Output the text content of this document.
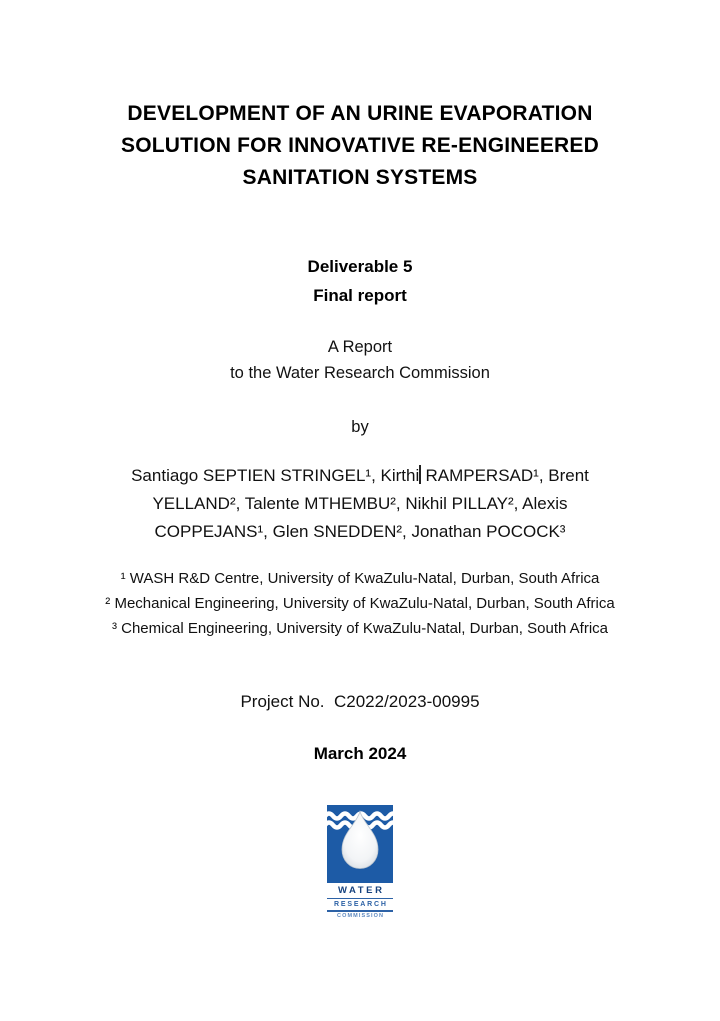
DEVELOPMENT OF AN URINE EVAPORATION
SOLUTION FOR INNOVATIVE RE-ENGINEERED
SANITATION SYSTEMS
Deliverable 5
Final report
A Report
to the Water Research Commission
by
Santiago SEPTIEN STRINGEL¹, Kirthi RAMPERSAD¹, Brent
YELLAND², Talente MTHEMBU², Nikhil PILLAY², Alexis
COPPEJANS¹, Glen SNEDDEN², Jonathan POCOCK³
¹ WASH R&D Centre, University of KwaZulu-Natal, Durban, South Africa
² Mechanical Engineering, University of KwaZulu-Natal, Durban, South Africa
³ Chemical Engineering, University of KwaZulu-Natal, Durban, South Africa
Project No.  C2022/2023-00995
March 2024
WATER
RESEARCH
COMMISSION
